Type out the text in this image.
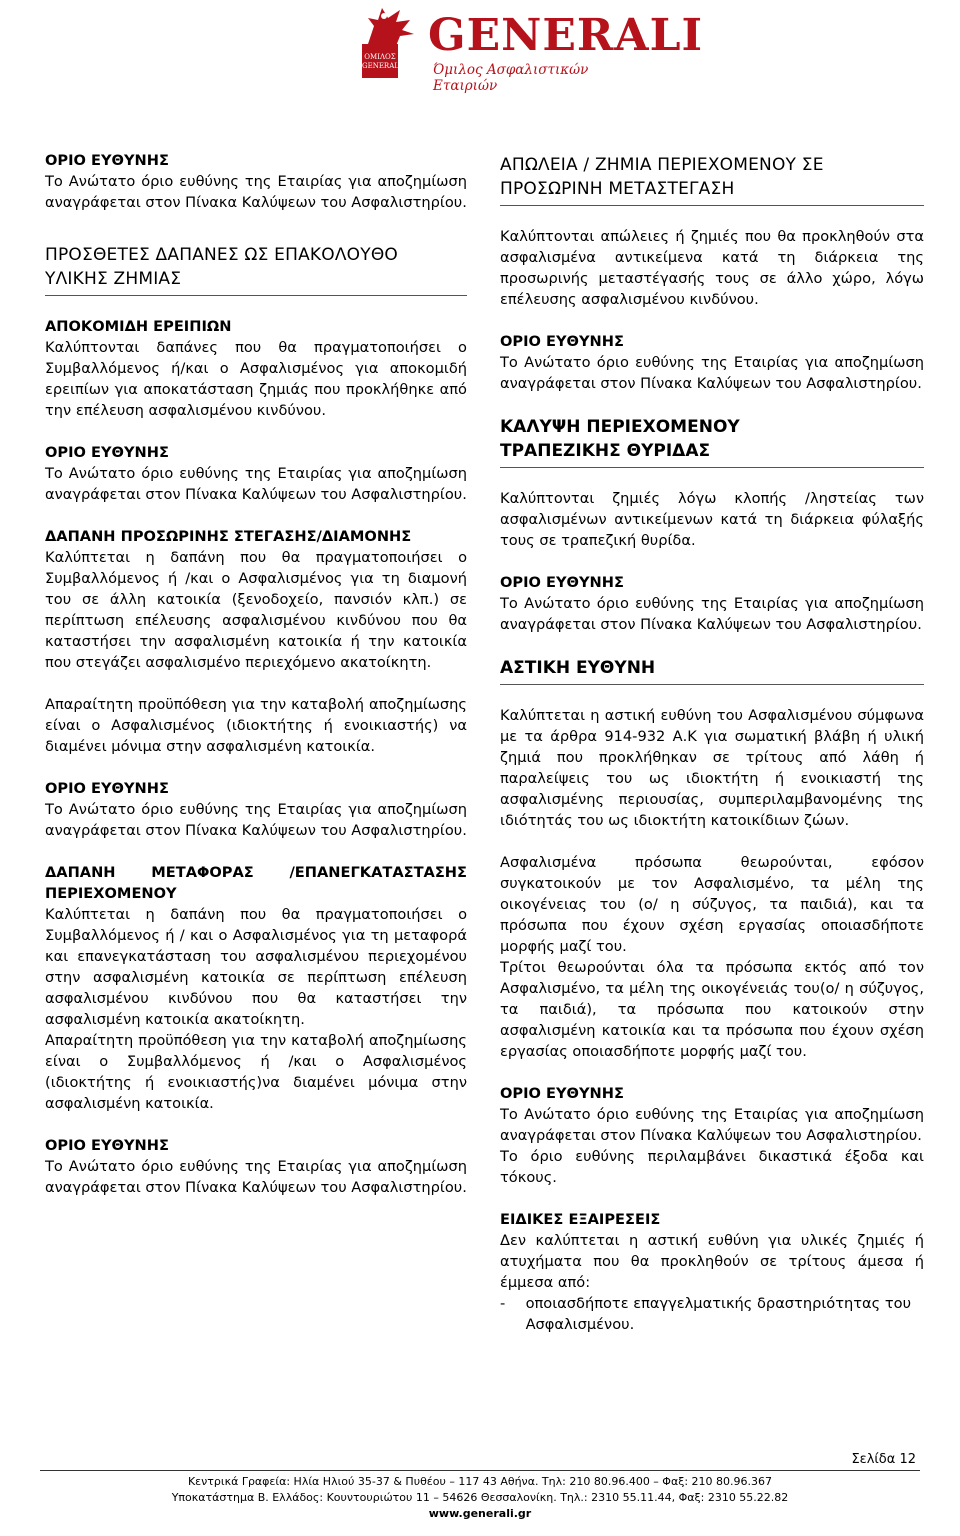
ΟΜΙΛΟΣ
GENERALI
GENERALI
Όμιλος Ασφαλιστικών Εταιριών

ΟΡΙΟ ΕΥΘΥΝΗΣ

Το Ανώτατο όριο ευθύνης της Εταιρίας για αποζημίωση αναγράφεται στον Πίνακα Καλύψεων του Ασφαλιστηρίου.

ΠΡΟΣΘΕΤΕΣ ΔΑΠΑΝΕΣ ΩΣ ΕΠΑΚΟΛΟΥΘΟ

ΥΛΙΚΗΣ ΖΗΜΙΑΣ

ΑΠΟΚΟΜΙΔΗ ΕΡΕΙΠΙΩΝ

Καλύπτονται δαπάνες που θα πραγματοποιήσει ο Συμβαλλόμενος ή/και ο Ασφαλισμένος για αποκομιδή ερειπίων για αποκατάσταση ζημιάς που προκλήθηκε από την επέλευση ασφαλισμένου κινδύνου.

ΟΡΙΟ ΕΥΘΥΝΗΣ

Το Ανώτατο όριο ευθύνης της Εταιρίας για αποζημίωση αναγράφεται στον Πίνακα Καλύψεων του Ασφαλιστηρίου.

ΔΑΠΑΝΗ ΠΡΟΣΩΡΙΝΗΣ ΣΤΕΓΑΣΗΣ/ΔΙΑΜΟΝΗΣ

Καλύπτεται η δαπάνη που θα πραγματοποιήσει ο Συμβαλλόμενος ή /και ο Ασφαλισμένος για τη διαμονή του σε άλλη κατοικία (ξενοδοχείο, πανσιόν κλπ.) σε περίπτωση επέλευσης ασφαλισμένου κινδύνου που θα καταστήσει την ασφαλισμένη κατοικία ή την κατοικία που στεγάζει ασφαλισμένο περιεχόμενο ακατοίκητη.

Απαραίτητη προϋπόθεση για την καταβολή αποζημίωσης είναι ο Ασφαλισμένος (ιδιοκτήτης ή ενοικιαστής) να διαμένει μόνιμα στην ασφαλισμένη κατοικία.

ΟΡΙΟ ΕΥΘΥΝΗΣ

Το Ανώτατο όριο ευθύνης της Εταιρίας για αποζημίωση αναγράφεται στον Πίνακα Καλύψεων του Ασφαλιστηρίου.

ΔΑΠΑΝΗ ΜΕΤΑΦΟΡΑΣ /ΕΠΑΝΕΓΚΑΤΑΣΤΑΣΗΣ

ΠΕΡΙΕΧΟΜΕΝΟΥ

Καλύπτεται η δαπάνη που θα πραγματοποιήσει ο Συμβαλλόμενος ή / και ο Ασφαλισμένος για τη μεταφορά και επανεγκατάσταση του ασφαλισμένου περιεχομένου στην ασφαλισμένη κατοικία σε περίπτωση επέλευση ασφαλισμένου κινδύνου που θα καταστήσει την ασφαλισμένη κατοικία ακατοίκητη.

Απαραίτητη προϋπόθεση για την καταβολή αποζημίωσης είναι ο Συμβαλλόμενος ή /και ο Ασφαλισμένος (ιδιοκτήτης ή ενοικιαστής)να διαμένει μόνιμα στην ασφαλισμένη κατοικία.

ΟΡΙΟ ΕΥΘΥΝΗΣ

Το Ανώτατο όριο ευθύνης της Εταιρίας για αποζημίωση αναγράφεται στον Πίνακα Καλύψεων του Ασφαλιστηρίου.

ΑΠΩΛΕΙΑ / ΖΗΜΙΑ ΠΕΡΙΕΧΟΜΕΝΟΥ ΣΕ

ΠΡΟΣΩΡΙΝΗ ΜΕΤΑΣΤΕΓΑΣΗ

Καλύπτονται απώλειες ή ζημιές που θα προκληθούν στα ασφαλισμένα αντικείμενα κατά τη διάρκεια της προσωρινής μεταστέγασής τους σε άλλο χώρο, λόγω επέλευσης ασφαλισμένου κινδύνου.

ΟΡΙΟ ΕΥΘΥΝΗΣ

Το Ανώτατο όριο ευθύνης της Εταιρίας για αποζημίωση αναγράφεται στον Πίνακα Καλύψεων του Ασφαλιστηρίου.

ΚΑΛΥΨΗ ΠΕΡΙΕΧΟΜΕΝΟΥ

ΤΡΑΠΕΖΙΚΗΣ ΘΥΡΙΔΑΣ

Καλύπτονται ζημιές λόγω κλοπής /ληστείας των ασφαλισμένων αντικείμενων κατά τη διάρκεια φύλαξής τους σε τραπεζική θυρίδα.

ΟΡΙΟ ΕΥΘΥΝΗΣ

Το Ανώτατο όριο ευθύνης της Εταιρίας για αποζημίωση αναγράφεται στον Πίνακα Καλύψεων του Ασφαλιστηρίου.

ΑΣΤΙΚΗ ΕΥΘΥΝΗ

Καλύπτεται η αστική ευθύνη του Ασφαλισμένου σύμφωνα με τα άρθρα 914-932 Α.Κ για σωματική βλάβη ή υλική ζημιά που προκλήθηκαν σε τρίτους από λάθη ή παραλείψεις του ως ιδιοκτήτη ή ενοικιαστή της ασφαλισμένης περιουσίας, συμπεριλαμβανομένης της ιδιότητάς του ως ιδιοκτήτη κατοικίδιων ζώων.

Ασφαλισμένα πρόσωπα θεωρούνται, εφόσον συγκατοικούν με τον Ασφαλισμένο, τα μέλη της οικογένειας του (ο/ η σύζυγος, τα παιδιά), και τα πρόσωπα που έχουν σχέση εργασίας οποιασδήποτε μορφής μαζί του.

Τρίτοι θεωρούνται όλα τα πρόσωπα εκτός από τον Ασφαλισμένο, τα μέλη της οικογένειάς του(ο/ η σύζυγος, τα παιδιά), τα πρόσωπα που κατοικούν στην ασφαλισμένη κατοικία και τα πρόσωπα που έχουν σχέση εργασίας οποιασδήποτε μορφής μαζί του.

ΟΡΙΟ ΕΥΘΥΝΗΣ

Το Ανώτατο όριο ευθύνης της Εταιρίας για αποζημίωση αναγράφεται στον Πίνακα Καλύψεων του Ασφαλιστηρίου.

Το όριο ευθύνης περιλαμβάνει δικαστικά έξοδα και τόκους.

ΕΙΔΙΚΕΣ ΕΞΑΙΡΕΣΕΙΣ

Δεν καλύπτεται η αστική ευθύνη για υλικές ζημιές ή ατυχήματα που θα προκληθούν σε τρίτους άμεσα ή έμμεσα από:

-	οποιασδήποτε επαγγελματικής δραστηριότητας του Ασφαλισμένου.
Σελίδα 12
Κεντρικά Γραφεία: Ηλία Ηλιού 35-37 & Πυθέου – 117 43 Αθήνα. Τηλ: 210 80.96.400 – Φαξ: 210 80.96.367
Υποκατάστημα Β. Ελλάδος: Κουντουριώτου 11 – 54626 Θεσσαλονίκη. Τηλ.: 2310 55.11.44, Φαξ: 2310 55.22.82
www.generali.gr
